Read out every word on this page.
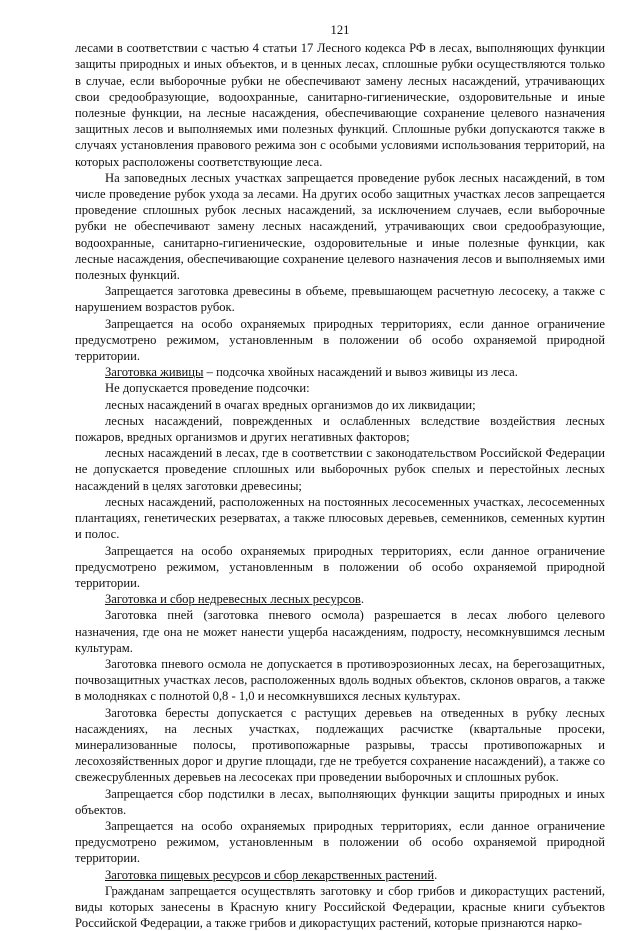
121

лесами в соответствии с частью 4 статьи 17 Лесного кодекса РФ в лесах, выполняющих функции защиты природных и иных объектов, и в ценных лесах, сплошные рубки осуществляются только в случае, если выборочные рубки не обеспечивают замену лесных насаждений, утрачивающих свои средообразующие, водоохранные, санитарно-гигиенические, оздоровительные и иные полезные функции, на лесные насаждения, обеспечивающие сохранение целевого назначения защитных лесов и выполняемых ими полезных функций. Сплошные рубки допускаются также в случаях установления правового режима зон с особыми условиями использования территорий, на которых расположены соответствующие леса.

На заповедных лесных участках запрещается проведение рубок лесных насаждений, в том числе проведение рубок ухода за лесами. На других особо защитных участках лесов запрещается проведение сплошных рубок лесных насаждений, за исключением случаев, если выборочные рубки не обеспечивают замену лесных насаждений, утрачивающих свои средообразующие, водоохранные, санитарно-гигиенические, оздоровительные и иные полезные функции, как лесные насаждения, обеспечивающие сохранение целевого назначения лесов и выполняемых ими полезных функций.

Запрещается заготовка древесины в объеме, превышающем расчетную лесосеку, а также с нарушением возрастов рубок.

Запрещается на особо охраняемых природных территориях, если данное ограничение предусмотрено режимом, установленным в положении об особо охраняемой природной территории.

Заготовка живицы – подсочка хвойных насаждений и вывоз живицы из леса.

Не допускается проведение подсочки:

лесных насаждений в очагах вредных организмов до их ликвидации;

лесных насаждений, поврежденных и ослабленных вследствие воздействия лесных пожаров, вредных организмов и других негативных факторов;

лесных насаждений в лесах, где в соответствии с законодательством Российской Федерации не допускается проведение сплошных или выборочных рубок спелых и перестойных лесных насаждений в целях заготовки древесины;

лесных насаждений, расположенных на постоянных лесосеменных участках, лесосеменных плантациях, генетических резерватах, а также плюсовых деревьев, семенников, семенных куртин и полос.

Запрещается на особо охраняемых природных территориях, если данное ограничение предусмотрено режимом, установленным в положении об особо охраняемой природной территории.

Заготовка и сбор недревесных лесных ресурсов.

Заготовка пней (заготовка пневого осмола) разрешается в лесах любого целевого назначения, где она не может нанести ущерба насаждениям, подросту, несомкнувшимся лесным культурам.

Заготовка пневого осмола не допускается в противоэрозионных лесах, на берегозащитных, почвозащитных участках лесов, расположенных вдоль водных объектов, склонов оврагов, а также в молодняках с полнотой 0,8 - 1,0 и несомкнувшихся лесных культурах.

Заготовка бересты допускается с растущих деревьев на отведенных в рубку лесных насаждениях, на лесных участках, подлежащих расчистке (квартальные просеки, минерализованные полосы, противопожарные разрывы, трассы противопожарных и лесохозяйственных дорог и другие площади, где не требуется сохранение насаждений), а также со свежесрубленных деревьев на лесосеках при проведении выборочных и сплошных рубок.

Запрещается сбор подстилки в лесах, выполняющих функции защиты природных и иных объектов.

Запрещается на особо охраняемых природных территориях, если данное ограничение предусмотрено режимом, установленным в положении об особо охраняемой природной территории.

Заготовка пищевых ресурсов и сбор лекарственных растений.

Гражданам запрещается осуществлять заготовку и сбор грибов и дикорастущих растений, виды которых занесены в Красную книгу Российской Федерации, красные книги субъектов Российской Федерации, а также грибов и дикорастущих растений, которые признаются нарко-
